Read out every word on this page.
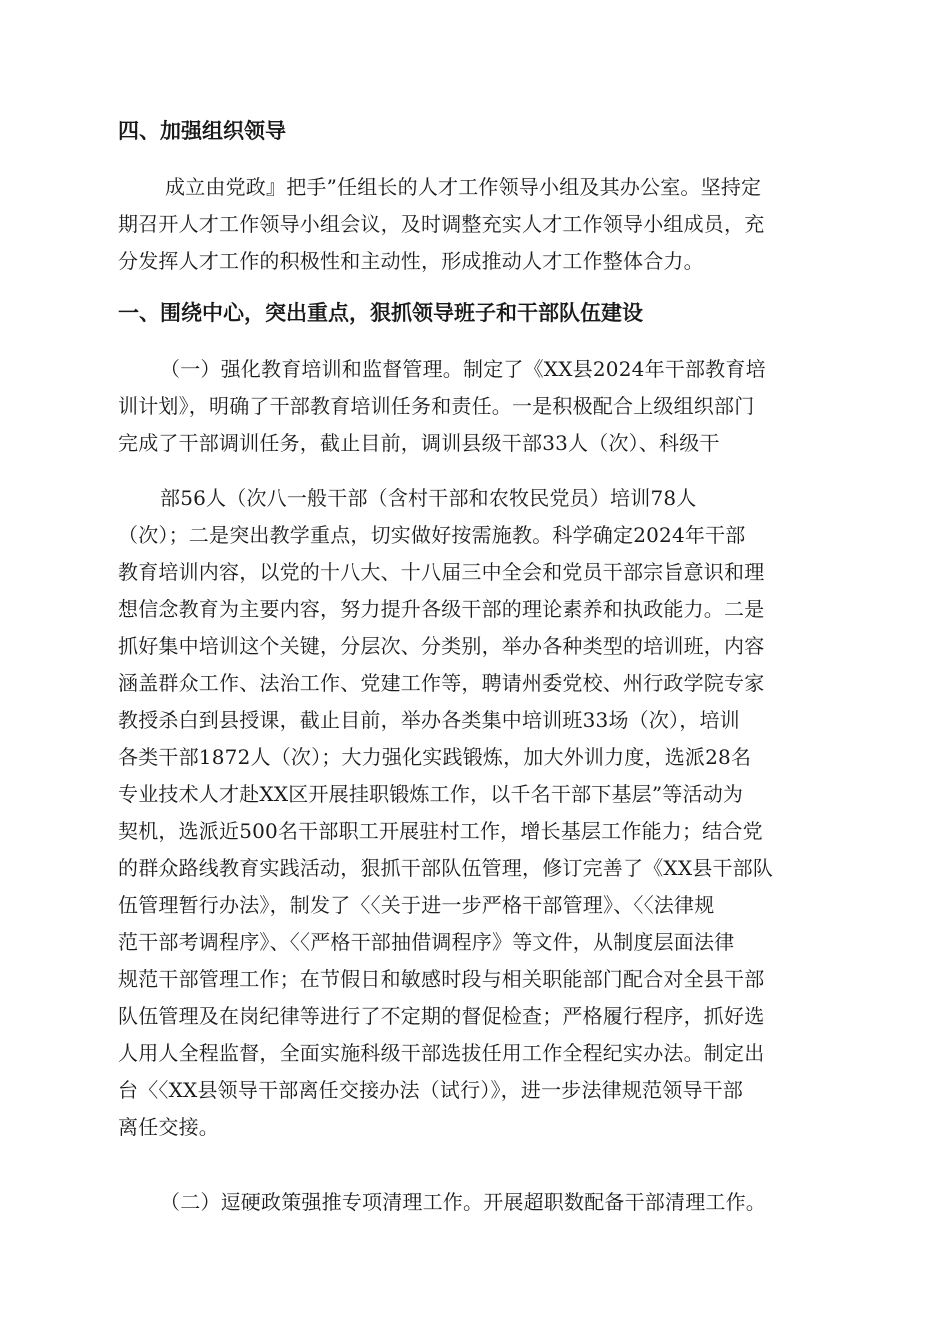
四、加强组织领导

成立由党政』把手”任组长的人才工作领导小组及其办公室。坚持定

期召开人才工作领导小组会议，及时调整充实人才工作领导小组成员，充

分发挥人才工作的积极性和主动性，形成推动人才工作整体合力。

一、围绕中心，突出重点，狠抓领导班子和干部队伍建设

（一）强化教育培训和监督管理。制定了《XX县2024年干部教育培

训计划》，明确了干部教育培训任务和责任。一是积极配合上级组织部门

完成了干部调训任务，截止目前，调训县级干部33人（次）、科级干

部56人（次八一般干部（含村干部和农牧民党员）培训78人

（次）；二是突出教学重点，切实做好按需施教。科学确定2024年干部

教育培训内容，以党的十八大、十八届三中全会和党员干部宗旨意识和理

想信念教育为主要内容，努力提升各级干部的理论素养和执政能力。二是

抓好集中培训这个关键，分层次、分类别，举办各种类型的培训班，内容

涵盖群众工作、法治工作、党建工作等，聘请州委党校、州行政学院专家

教授杀白到县授课，截止目前，举办各类集中培训班33场（次），培训

各类干部1872人（次）；大力强化实践锻炼，加大外训力度，选派28名

专业技术人才赴XX区开展挂职锻炼工作，以千名干部下基层”等活动为

契机，选派近500名干部职工开展驻村工作，增长基层工作能力；结合党

的群众路线教育实践活动，狠抓干部队伍管理，修订完善了《XX县干部队

伍管理暂行办法》，制发了〈〈关于进一步严格干部管理》、〈〈法律规

范干部考调程序》、〈〈严格干部抽借调程序》等文件，从制度层面法律

规范干部管理工作；在节假日和敏感时段与相关职能部门配合对全县干部

队伍管理及在岗纪律等进行了不定期的督促检查；严格履行程序，抓好选

人用人全程监督，全面实施科级干部选拔任用工作全程纪实办法。制定出

台〈〈XX县领导干部离任交接办法（试行）》，进一步法律规范领导干部

离任交接。

（二）逗硬政策强推专项清理工作。开展超职数配备干部清理工作。
